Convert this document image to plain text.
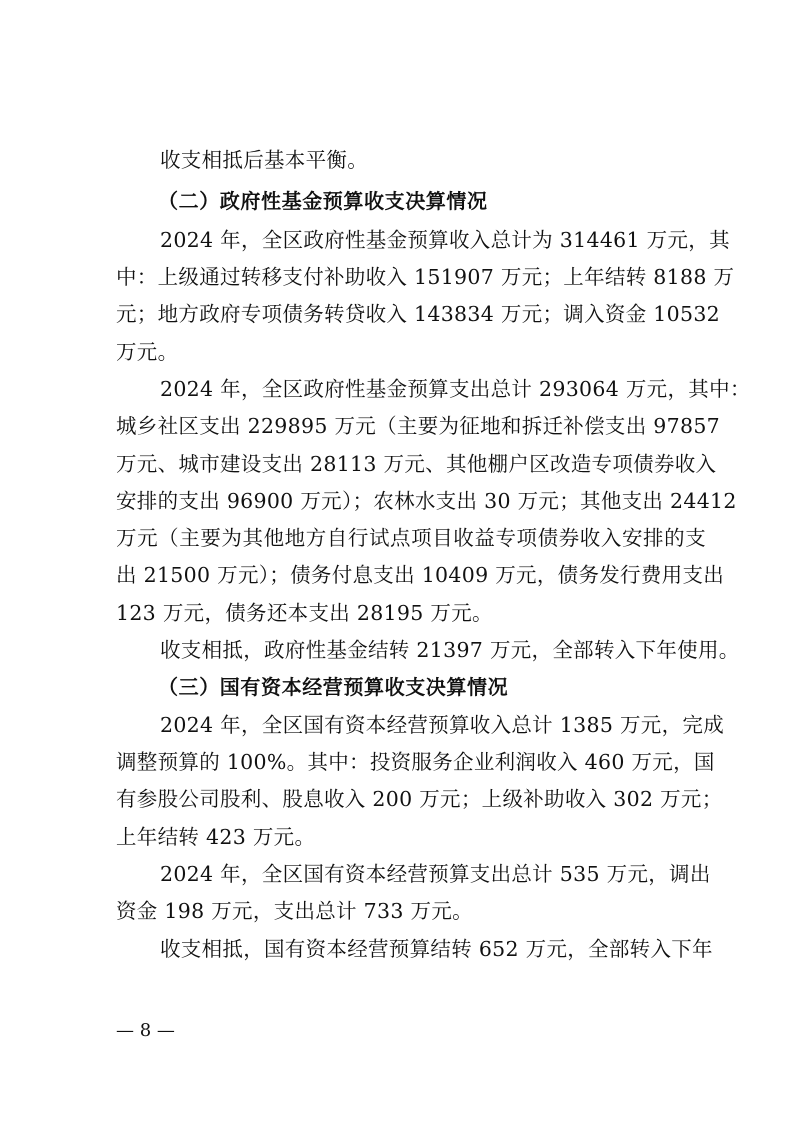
收支相抵后基本平衡。
（二）政府性基金预算收支决算情况
2024 年，全区政府性基金预算收入总计为 314461 万元，其
中：上级通过转移支付补助收入 151907 万元；上年结转 8188 万
元；地方政府专项债务转贷收入 143834 万元；调入资金 10532
万元。
2024 年，全区政府性基金预算支出总计 293064 万元，其中：
城乡社区支出 229895 万元（主要为征地和拆迁补偿支出 97857
万元、城市建设支出 28113 万元、其他棚户区改造专项债券收入
安排的支出 96900 万元）；农林水支出 30 万元；其他支出 24412
万元（主要为其他地方自行试点项目收益专项债券收入安排的支
出 21500 万元）；债务付息支出 10409 万元，债务发行费用支出
123 万元，债务还本支出 28195 万元。
收支相抵，政府性基金结转 21397 万元，全部转入下年使用。
（三）国有资本经营预算收支决算情况
2024 年，全区国有资本经营预算收入总计 1385 万元，完成
调整预算的 100%。其中：投资服务企业利润收入 460 万元，国
有参股公司股利、股息收入 200 万元；上级补助收入 302 万元；
上年结转 423 万元。
2024 年，全区国有资本经营预算支出总计 535 万元，调出
资金 198 万元，支出总计 733 万元。
收支相抵，国有资本经营预算结转 652 万元，全部转入下年
— 8 —
